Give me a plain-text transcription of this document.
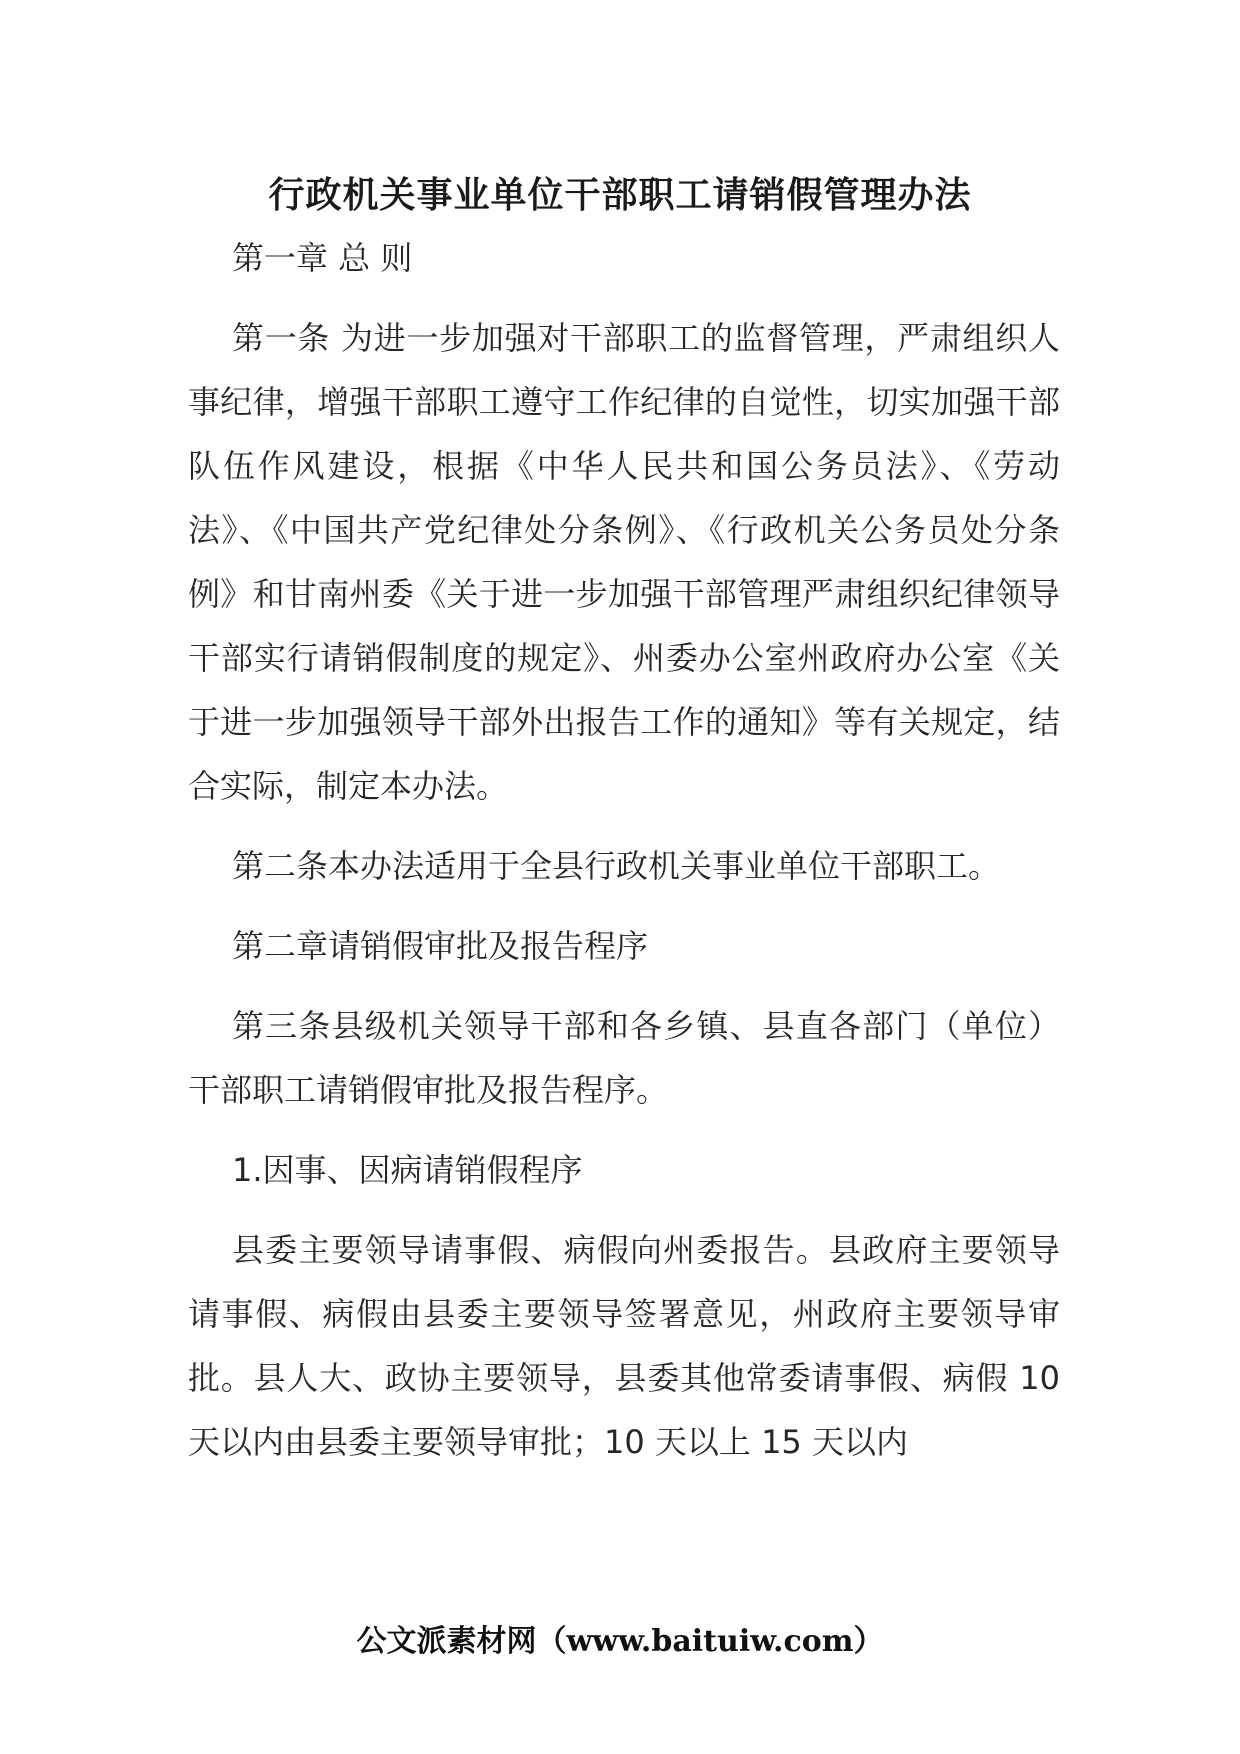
行政机关事业单位干部职工请销假管理办法

第一章 总 则

第一条 为进一步加强对干部职工的监督管理，严肃组织人事纪律，增强干部职工遵守工作纪律的自觉性，切实加强干部队伍作风建设，根据《中华人民共和国公务员法》、《劳动法》、《中国共产党纪律处分条例》、《行政机关公务员处分条例》和甘南州委《关于进一步加强干部管理严肃组织纪律领导干部实行请销假制度的规定》、州委办公室州政府办公室《关于进一步加强领导干部外出报告工作的通知》等有关规定，结合实际，制定本办法。

第二条本办法适用于全县行政机关事业单位干部职工。

第二章请销假审批及报告程序

第三条县级机关领导干部和各乡镇、县直各部门（单位）干部职工请销假审批及报告程序。

1.因事、因病请销假程序

县委主要领导请事假、病假向州委报告。县政府主要领导请事假、病假由县委主要领导签署意见，州政府主要领导审批。县人大、政协主要领导，县委其他常委请事假、病假 10 天以内由县委主要领导审批；10 天以上 15 天以内

公文派素材网（www.baituiw.com）
